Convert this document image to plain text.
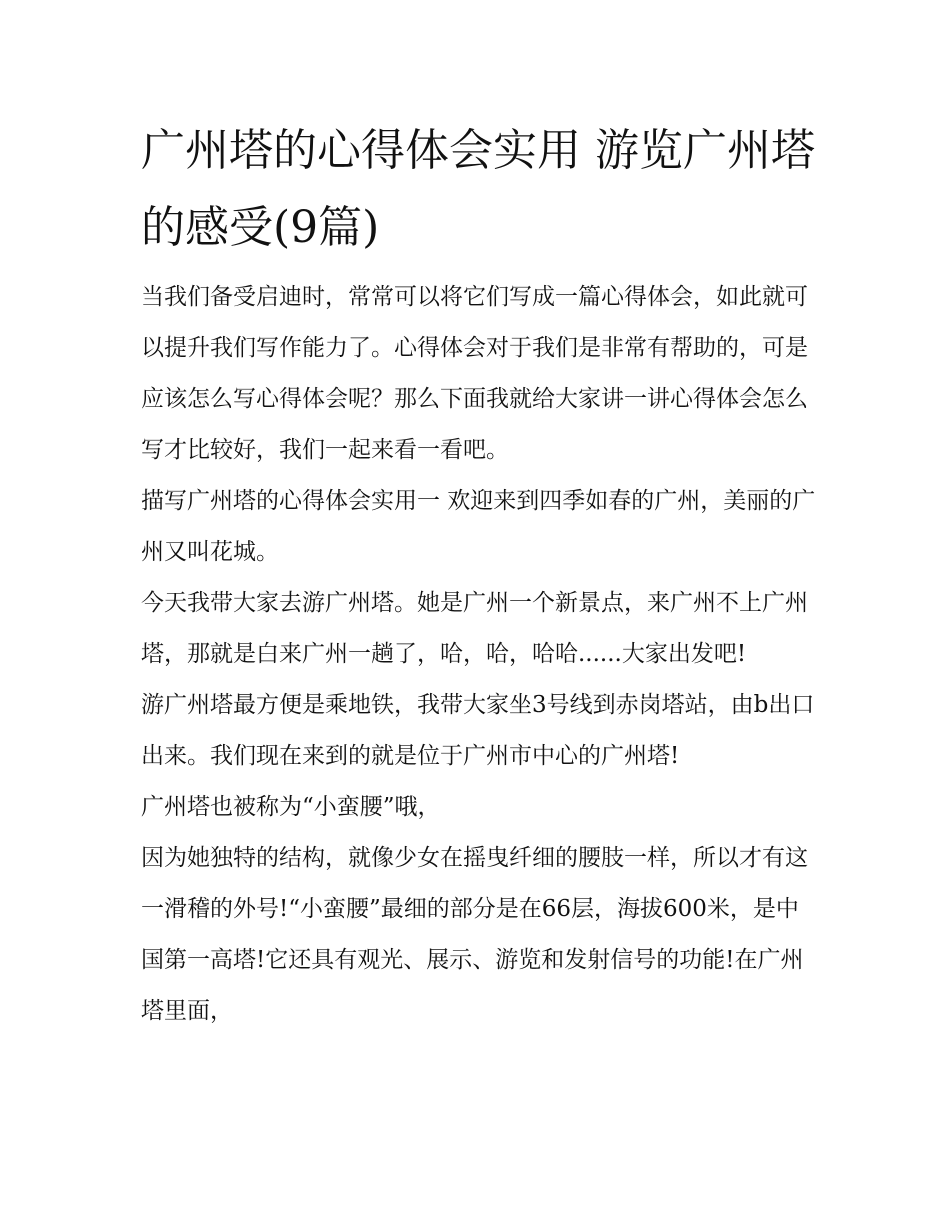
广州塔的心得体会实用 游览广州塔的感受(9篇)

当我们备受启迪时，常常可以将它们写成一篇心得体会，如此就可以提升我们写作能力了。心得体会对于我们是非常有帮助的，可是应该怎么写心得体会呢？那么下面我就给大家讲一讲心得体会怎么写才比较好，我们一起来看一看吧。

描写广州塔的心得体会实用一 欢迎来到四季如春的广州，美丽的广州又叫花城。

今天我带大家去游广州塔。她是广州一个新景点，来广州不上广州塔，那就是白来广州一趟了，哈，哈，哈哈......大家出发吧!

游广州塔最方便是乘地铁，我带大家坐3号线到赤岗塔站，由b出口出来。我们现在来到的就是位于广州市中心的广州塔!

广州塔也被称为“小蛮腰”哦，

因为她独特的结构，就像少女在摇曳纤细的腰肢一样，所以才有这一滑稽的外号!“小蛮腰”最细的部分是在66层，海拔600米，是中国第一高塔!它还具有观光、展示、游览和发射信号的功能!在广州塔里面，
